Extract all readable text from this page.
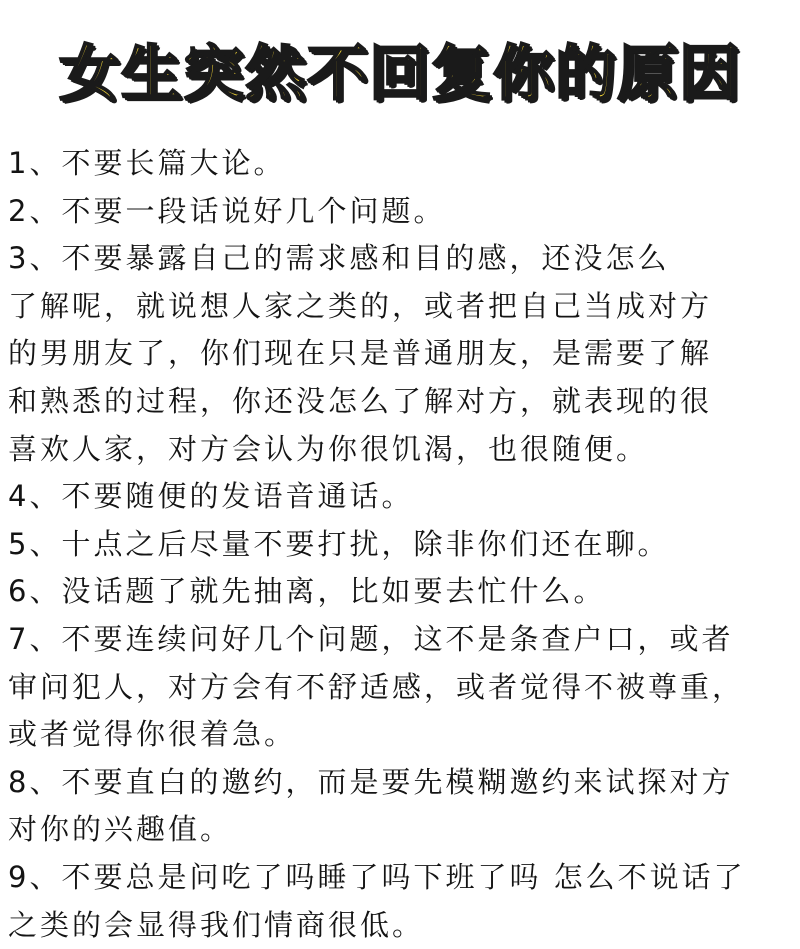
女生突然不回复你的原因
1、不要长篇大论。
2、不要一段话说好几个问题。
3、不要暴露自己的需求感和目的感，还没怎么
了解呢，就说想人家之类的，或者把自己当成对方
的男朋友了，你们现在只是普通朋友，是需要了解
和熟悉的过程，你还没怎么了解对方，就表现的很
喜欢人家，对方会认为你很饥渴，也很随便。
4、不要随便的发语音通话。
5、十点之后尽量不要打扰，除非你们还在聊。
6、没话题了就先抽离，比如要去忙什么。
7、不要连续问好几个问题，这不是条查户口，或者
审问犯人，对方会有不舒适感，或者觉得不被尊重，
或者觉得你很着急。
8、不要直白的邀约，而是要先模糊邀约来试探对方
对你的兴趣值。
9、不要总是问吃了吗睡了吗下班了吗 怎么不说话了
之类的会显得我们情商很低。
